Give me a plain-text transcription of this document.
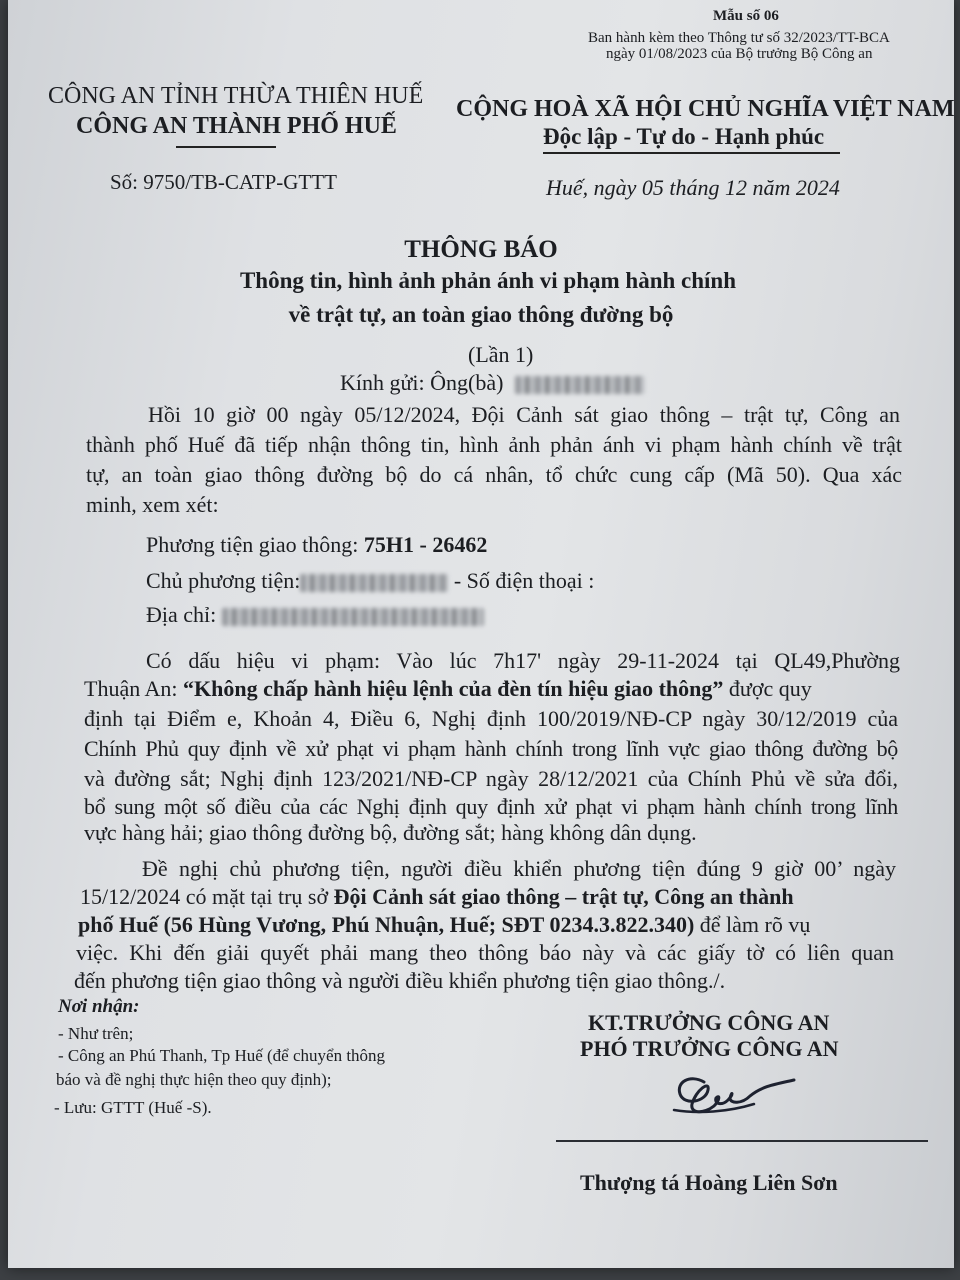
Mẫu số 06
Ban hành kèm theo Thông tư số 32/2023/TT-BCA
ngày 01/08/2023 của Bộ trưởng Bộ Công an
CÔNG AN TỈNH THỪA THIÊN HUẾ
CÔNG AN THÀNH PHỐ HUẾ
CỘNG HOÀ XÃ HỘI CHỦ NGHĨA VIỆT NAM
Độc lập - Tự do - Hạnh phúc
Số: 9750/TB-CATP-GTTT	Huế, ngày 05 tháng 12 năm 2024
THÔNG BÁO
Thông tin, hình ảnh phản ánh vi phạm hành chính
về trật tự, an toàn giao thông đường bộ
(Lần 1)
Kính gửi: Ông(bà)
Hồi 10 giờ 00 ngày 05/12/2024, Đội Cảnh sát giao thông – trật tự, Công an
thành phố Huế đã tiếp nhận thông tin, hình ảnh phản ánh vi phạm hành chính về trật
tự, an toàn giao thông đường bộ do cá nhân, tổ chức cung cấp (Mã 50). Qua xác
minh, xem xét:
Phương tiện giao thông: 75H1 - 26462
Chủ phương tiện:	- Số điện thoại :
Địa chỉ:
Có dấu hiệu vi phạm: Vào lúc 7h17' ngày 29-11-2024 tại QL49,Phường
Thuận An: “Không chấp hành hiệu lệnh của đèn tín hiệu giao thông” được quy
định tại Điểm e, Khoản 4, Điều 6, Nghị định 100/2019/NĐ-CP ngày 30/12/2019 của
Chính Phủ quy định về xử phạt vi phạm hành chính trong lĩnh vực giao thông đường bộ
và đường sắt; Nghị định 123/2021/NĐ-CP ngày 28/12/2021 của Chính Phủ về sửa đổi,
bổ sung một số điều của các Nghị định quy định xử phạt vi phạm hành chính trong lĩnh
vực hàng hải; giao thông đường bộ, đường sắt; hàng không dân dụng.
Đề nghị chủ phương tiện, người điều khiển phương tiện đúng 9 giờ 00’ ngày
15/12/2024 có mặt tại trụ sở Đội Cảnh sát giao thông – trật tự, Công an thành
phố Huế (56 Hùng Vương, Phú Nhuận, Huế; SĐT 0234.3.822.340) để làm rõ vụ
việc. Khi đến giải quyết phải mang theo thông báo này và các giấy tờ có liên quan
đến phương tiện giao thông và người điều khiển phương tiện giao thông./.
Nơi nhận:
- Như trên;
- Công an Phú Thanh, Tp Huế (để chuyển thông
báo và đề nghị thực hiện theo quy định);
- Lưu: GTTT (Huế -S).
KT.TRƯỞNG CÔNG AN
PHÓ TRƯỞNG CÔNG AN
Thượng tá Hoàng Liên Sơn
